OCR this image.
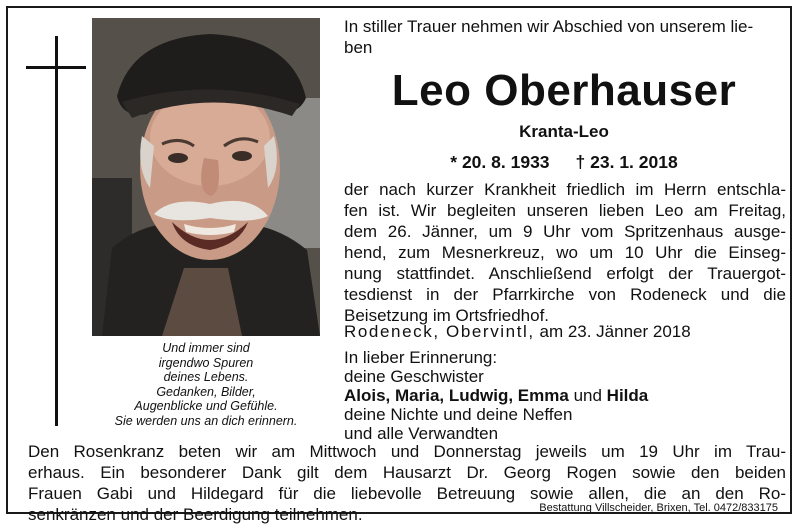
Und immer sind
irgendwo Spuren
deines Lebens.
Gedanken, Bilder,
Augenblicke und Gefühle.
Sie werden uns an dich erinnern.
In stiller Trauer nehmen wir Abschied von unserem lie-
ben
Leo Oberhauser
Kranta-Leo
* 20. 8. 1933 † 23. 1. 2018
der nach kurzer Krankheit friedlich im Herrn entschla-
fen ist. Wir begleiten unseren lieben Leo am Freitag,
dem 26. Jänner, um 9 Uhr vom Spritzenhaus ausge-
hend, zum Mesnerkreuz, wo um 10 Uhr die Einseg-
nung stattfindet. Anschließend erfolgt der Trauergot-
tesdienst in der Pfarrkirche von Rodeneck und die
Beisetzung im Ortsfriedhof.
Rodeneck, Obervintl, am 23. Jänner 2018
In lieber Erinnerung:
deine Geschwister
Alois, Maria, Ludwig, Emma und Hilda
deine Nichte und deine Neffen
und alle Verwandten
Den Rosenkranz beten wir am Mittwoch und Donnerstag jeweils um 19 Uhr im Trau-
erhaus. Ein besonderer Dank gilt dem Hausarzt Dr. Georg Rogen sowie den beiden
Frauen Gabi und Hildegard für die liebevolle Betreuung sowie allen, die an den Ro-
senkränzen und der Beerdigung teilnehmen.	Bestattung Villscheider, Brixen, Tel. 0472/833175
